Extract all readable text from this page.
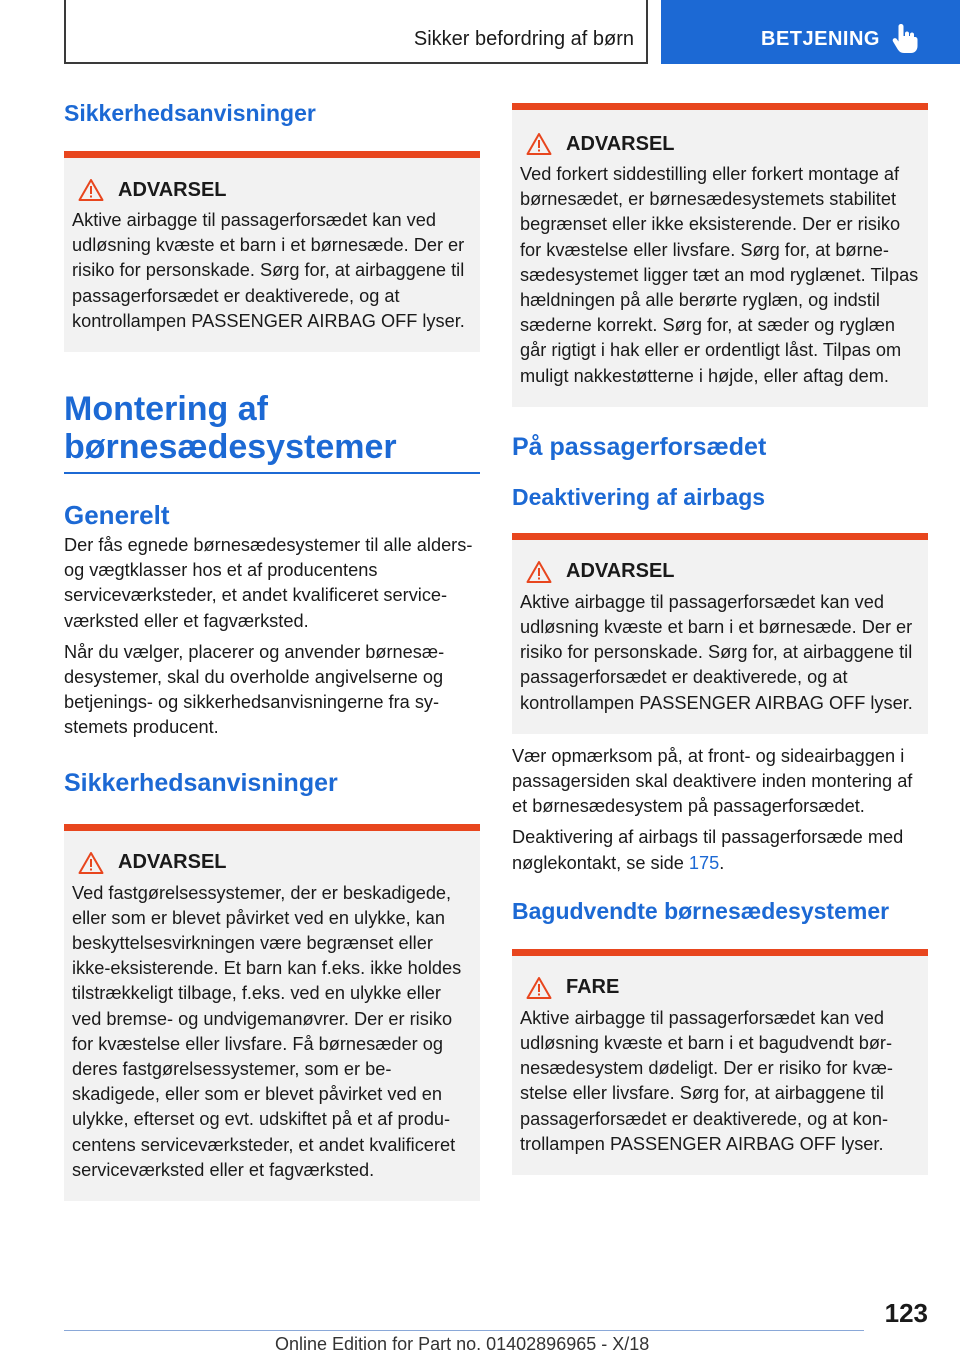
Sikker befordring af børn	BETJENING
Sikkerhedsanvisninger
ADVARSEL
Aktive airbagge til passagerforsædet kan ved udløsning kvæste et barn i et børnesæde. Der er risiko for personskade. Sørg for, at airbaggene til passagerforsædet er deaktiverede, og at kontrollampen PASSENGER AIRBAG OFF lyser.
Montering af børnesædesystemer
Generelt

Der fås egnede børnesædesystemer til alle alders- og vægtklasser hos et af producentens serviceværksteder, et andet kvalificeret serviceværksted eller et fagværksted.

Når du vælger, placerer og anvender børnesædesystemer, skal du overholde angivelserne og betjenings- og sikkerhedsanvisningerne fra systemets producent.

Sikkerhedsanvisninger
ADVARSEL
Ved fastgørelsessystemer, der er beskadigede, eller som er blevet påvirket ved en ulykke, kan beskyttelsesvirkningen være begrænset eller ikke-eksisterende. Et barn kan f.eks. ikke holdes tilstrækkeligt tilbage, f.eks. ved en ulykke eller ved bremse- og undvigemanøvrer. Der er risiko for kvæstelse eller livsfare. Få børnesæder og deres fastgørelsessystemer, som er beskadigede, eller som er blevet påvirket ved en ulykke, efterset og evt. udskiftet på et af producentens serviceværksteder, et andet kvalificeret serviceværksted eller et fagværksted.
ADVARSEL
Ved forkert siddestilling eller forkert montage af børnesædet, er børnesædesystemets stabilitet begrænset eller ikke eksisterende. Der er risiko for kvæstelse eller livsfare. Sørg for, at børnesædesystemet ligger tæt an mod ryglænet. Tilpas hældningen på alle berørte ryglæn, og indstil sæderne korrekt. Sørg for, at sæder og ryglæn går rigtigt i hak eller er ordentligt låst. Tilpas om muligt nakkestøtterne i højde, eller aftag dem.
På passagerforsædet
Deaktivering af airbags
ADVARSEL
Aktive airbagge til passagerforsædet kan ved udløsning kvæste et barn i et børnesæde. Der er risiko for personskade. Sørg for, at airbaggene til passagerforsædet er deaktiverede, og at kontrollampen PASSENGER AIRBAG OFF lyser.

Vær opmærksom på, at front- og sideairbaggen i passagersiden skal deaktivere inden montering af et børnesædesystem på passagerforsædet.

Deaktivering af airbags til passagerforsæde med nøglekontakt, se side 175.

Bagudvendte børnesædesystemer
FARE
Aktive airbagge til passagerforsædet kan ved udløsning kvæste et barn i et bagudvendt børnesædesystem dødeligt. Der er risiko for kvæstelse eller livsfare. Sørg for, at airbaggene til passagerforsædet er deaktiverede, og at kontrollampen PASSENGER AIRBAG OFF lyser.
123
Online Edition for Part no. 01402896965 - X/18
